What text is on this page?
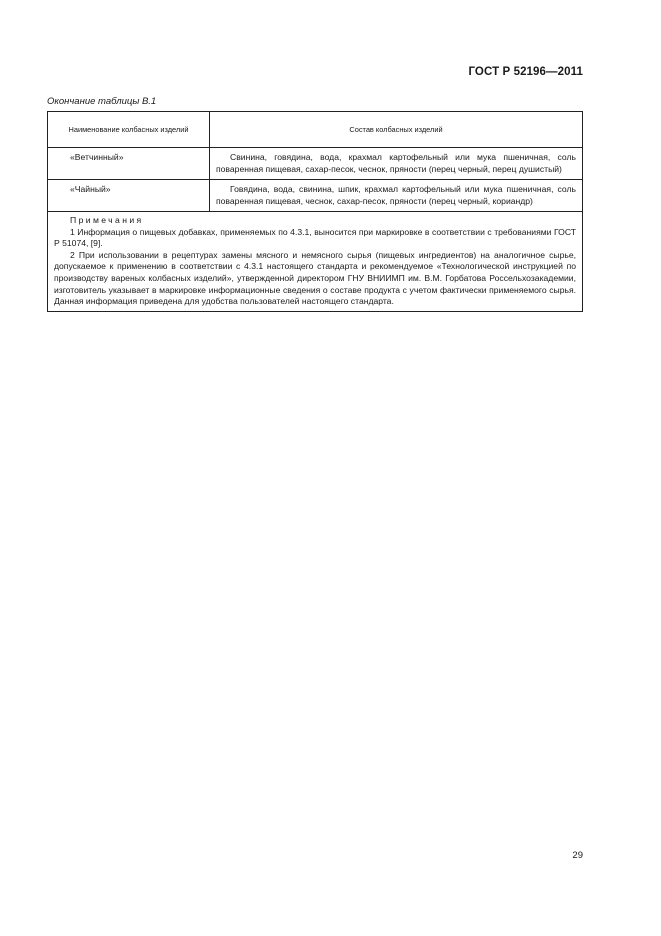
ГОСТ Р 52196—2011
Окончание таблицы В.1
Наименование колбасных изделий	Состав колбасных изделий
«Ветчинный»	Свинина, говядина, вода, крахмал картофельный или мука пшеничная, соль поваренная пищевая, сахар-песок, чеснок, пряности (перец черный, перец душистый)
«Чайный»	Говядина, вода, свинина, шпик, крахмал картофельный или мука пшеничная, соль поваренная пищевая, чеснок, сахар-песок, пряности (перец черный, кориандр)

Примечания

1 Информация о пищевых добавках, применяемых по 4.3.1, выносится при маркировке в соответствии с требованиями ГОСТ Р 51074, [9].

2 При использовании в рецептурах замены мясного и немясного сырья (пищевых ингредиентов) на аналогичное сырье, допускаемое к применению в соответствии с 4.3.1 настоящего стандарта и рекомендуемое «Технологической инструкцией по производству вареных колбасных изделий», утвержденной директором ГНУ ВНИИМП им. В.М. Горбатова Россельхозакадемии, изготовитель указывает в маркировке информационные сведения о составе продукта с учетом фактически применяемого сырья. Данная информация приведена для удобства пользователей настоящего стандарта.	

29
